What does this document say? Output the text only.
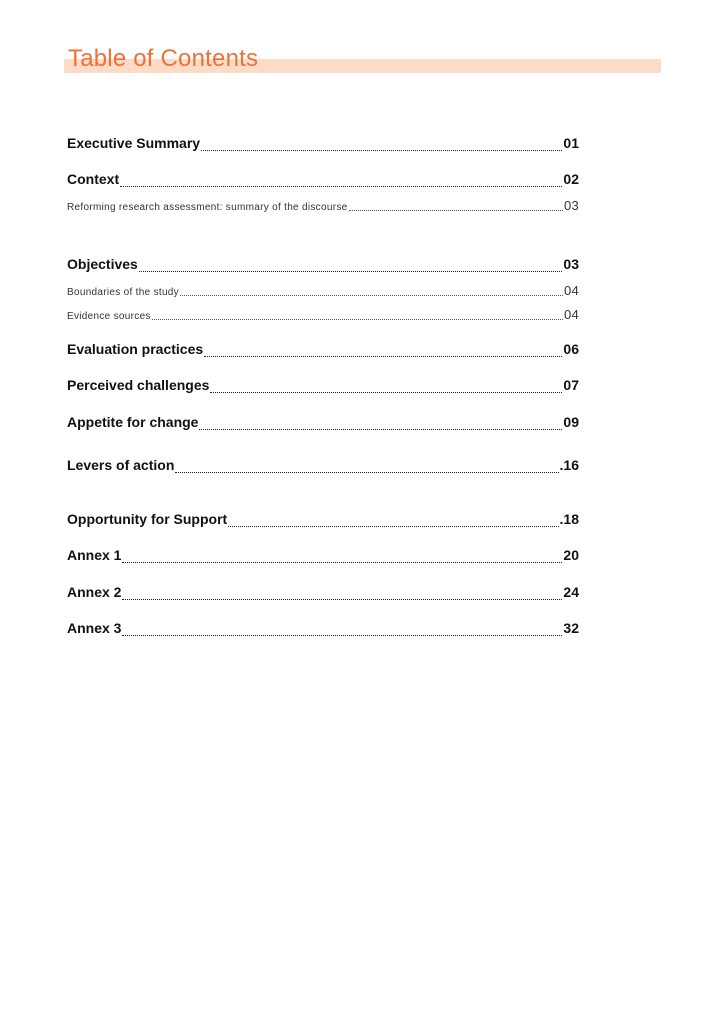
Table of Contents
Executive Summary	01
Context	02
Reforming research assessment: summary of the discourse	03
Objectives	03
Boundaries of the study	04
Evidence sources	04
Evaluation practices	06
Perceived challenges	07
Appetite for change	09
Levers of action	.16
Opportunity for Support	.18
Annex 1	20
Annex 2	24
Annex 3	32
